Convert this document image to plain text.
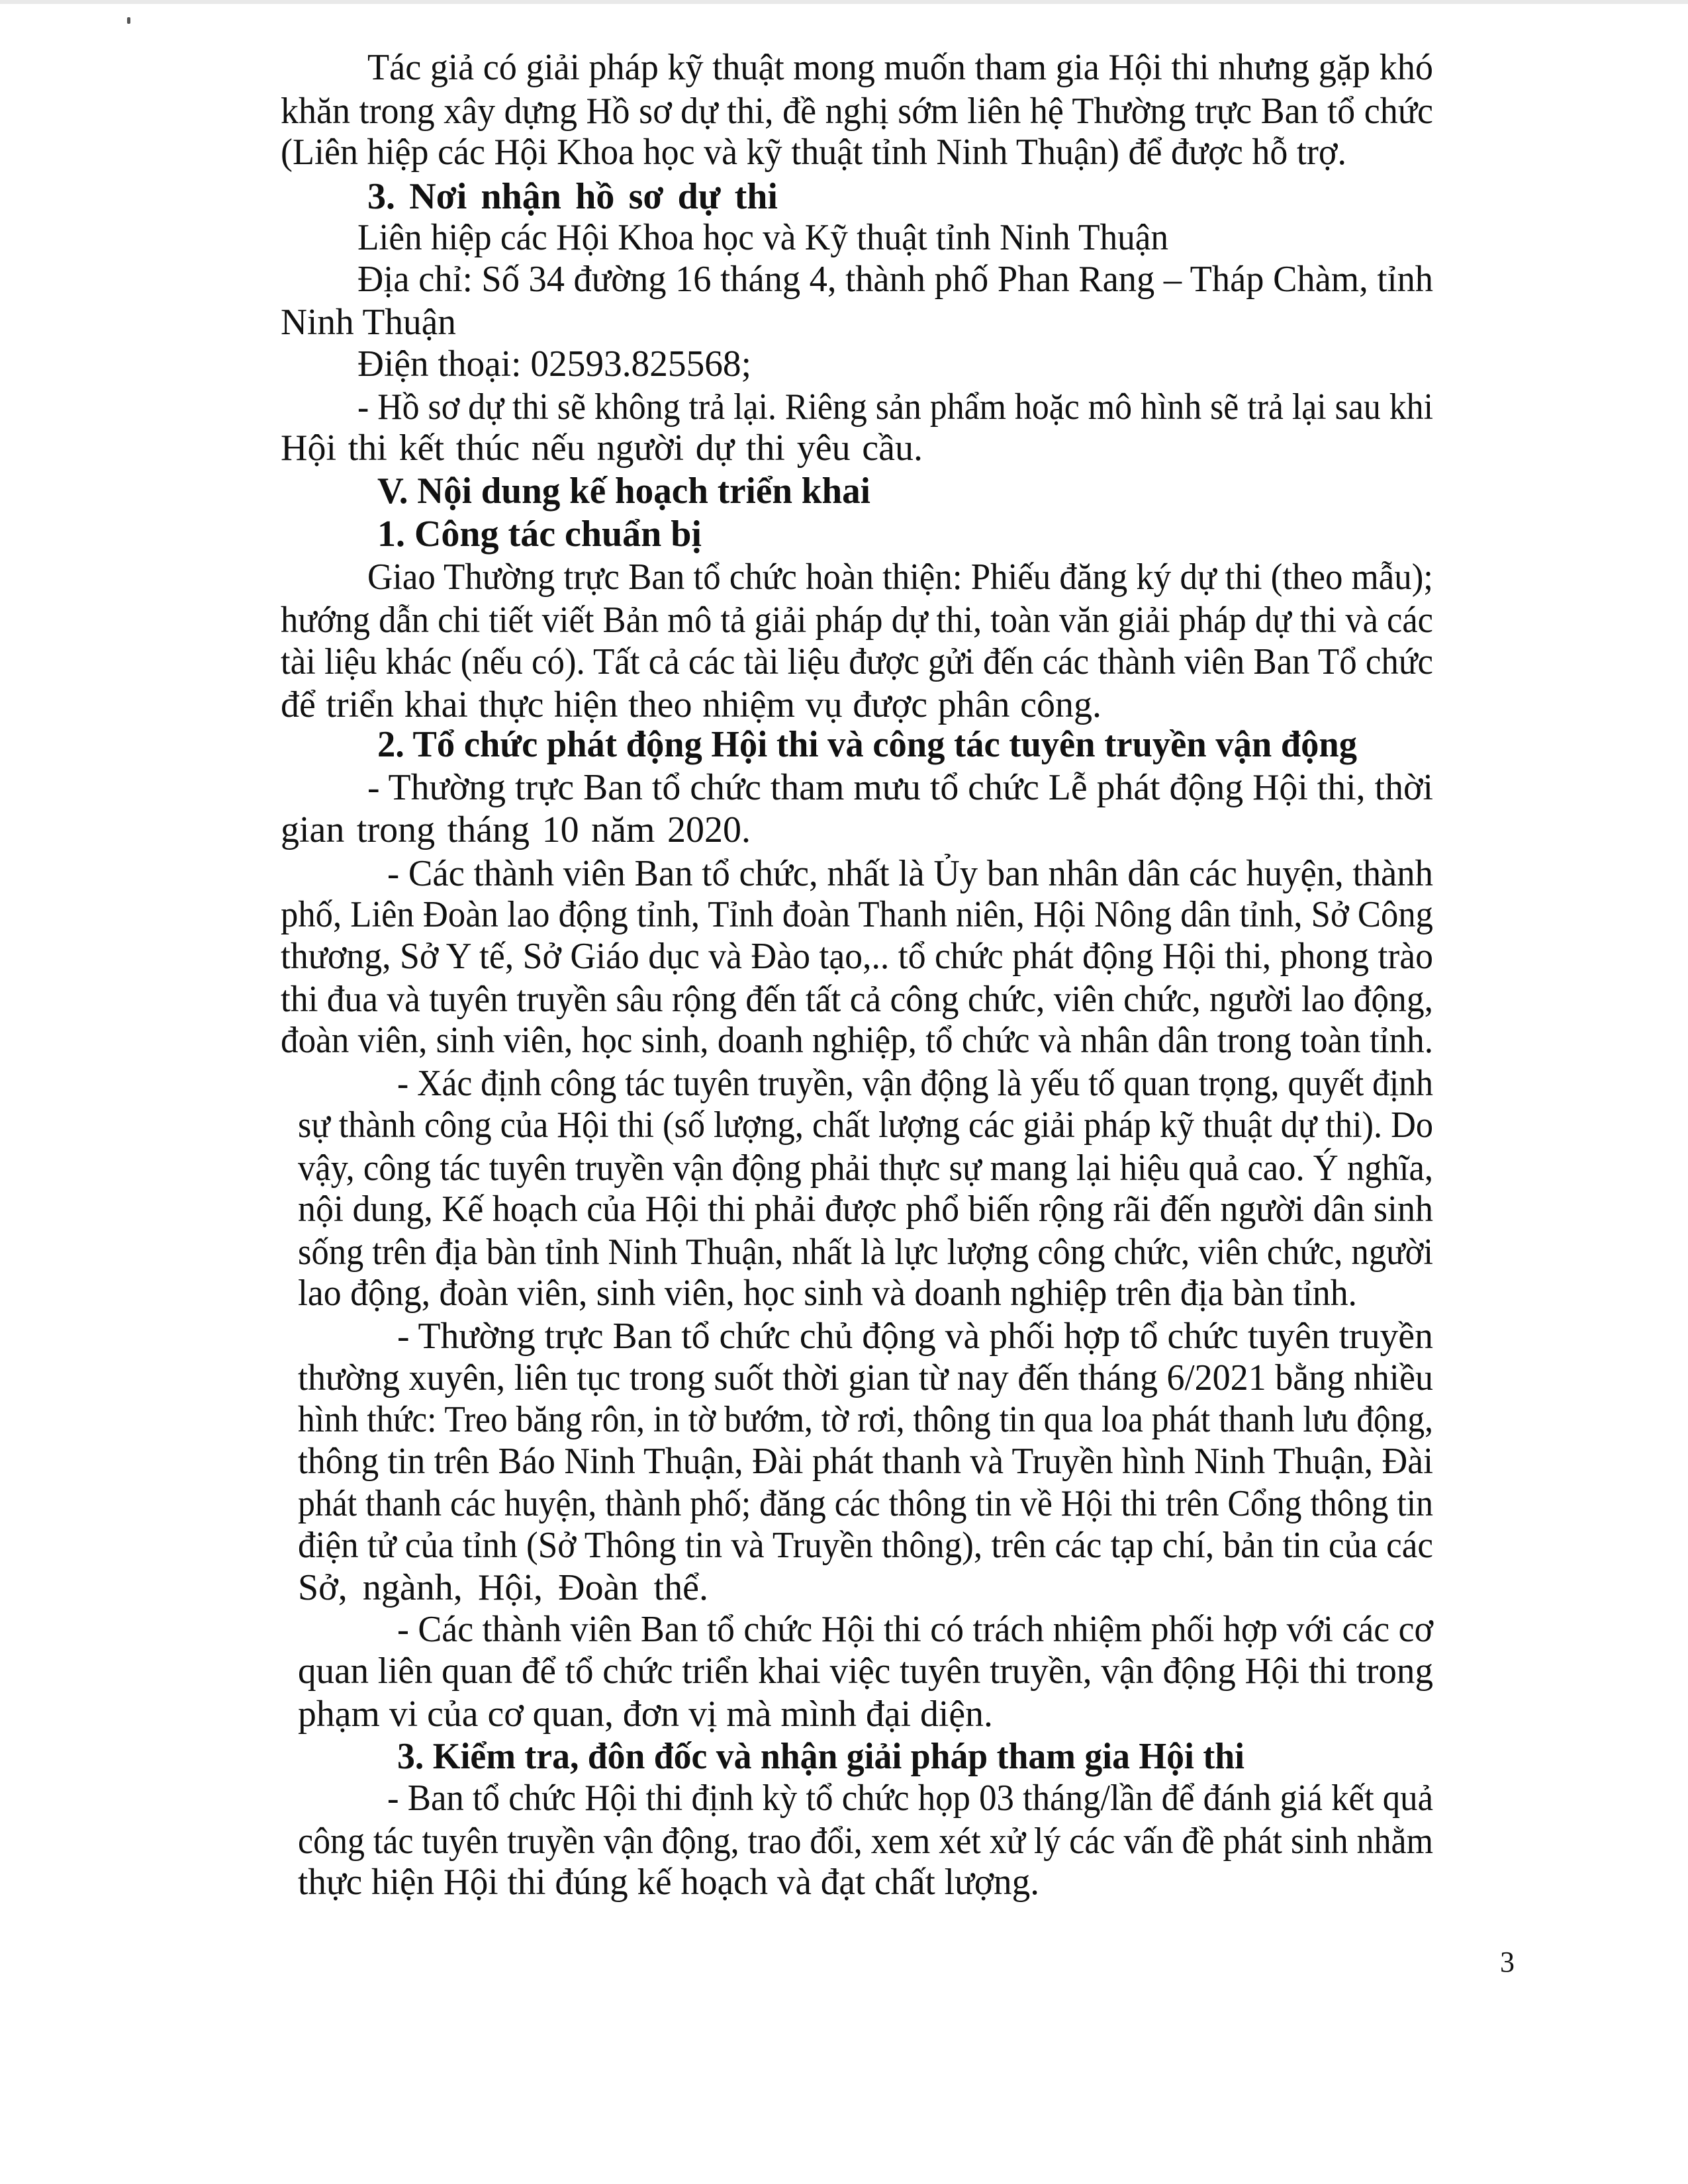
Tác giả có giải pháp kỹ thuật mong muốn tham gia Hội thi nhưng gặp khó
khăn trong xây dựng Hồ sơ dự thi, đề nghị sớm liên hệ Thường trực Ban tổ chức
(Liên hiệp các Hội Khoa học và kỹ thuật tỉnh Ninh Thuận) để được hỗ trợ.
3. Nơi nhận hồ sơ dự thi
Liên hiệp các Hội Khoa học và Kỹ thuật tỉnh Ninh Thuận
Địa chỉ: Số 34 đường 16 tháng 4, thành phố Phan Rang – Tháp Chàm, tỉnh
Ninh Thuận
Điện thoại: 02593.825568;
- Hồ sơ dự thi sẽ không trả lại. Riêng sản phẩm hoặc mô hình sẽ trả lại sau khi
Hội thi kết thúc nếu người dự thi yêu cầu.
V. Nội dung kế hoạch triển khai
1. Công tác chuẩn bị
Giao Thường trực Ban tổ chức hoàn thiện: Phiếu đăng ký dự thi (theo mẫu);
hướng dẫn chi tiết viết Bản mô tả giải pháp dự thi, toàn văn giải pháp dự thi và các
tài liệu khác (nếu có). Tất cả các tài liệu được gửi đến các thành viên Ban Tổ chức
để triển khai thực hiện theo nhiệm vụ được phân công.
2. Tổ chức phát động Hội thi và công tác tuyên truyền vận động
- Thường trực Ban tổ chức tham mưu tổ chức Lễ phát động Hội thi, thời
gian trong tháng 10 năm 2020.
- Các thành viên Ban tổ chức, nhất là Ủy ban nhân dân các huyện, thành
phố, Liên Đoàn lao động tỉnh, Tỉnh đoàn Thanh niên, Hội Nông dân tỉnh, Sở Công
thương, Sở Y tế, Sở Giáo dục và Đào tạo,.. tổ chức phát động Hội thi, phong trào
thi đua và tuyên truyền sâu rộng đến tất cả công chức, viên chức, người lao động,
đoàn viên, sinh viên, học sinh, doanh nghiệp, tổ chức và nhân dân trong toàn tỉnh.
- Xác định công tác tuyên truyền, vận động là yếu tố quan trọng, quyết định
sự thành công của Hội thi (số lượng, chất lượng các giải pháp kỹ thuật dự thi). Do
vậy, công tác tuyên truyền vận động phải thực sự mang lại hiệu quả cao. Ý nghĩa,
nội dung, Kế hoạch của Hội thi phải được phổ biến rộng rãi đến người dân sinh
sống trên địa bàn tỉnh Ninh Thuận, nhất là lực lượng công chức, viên chức, người
lao động, đoàn viên, sinh viên, học sinh và doanh nghiệp trên địa bàn tỉnh.
- Thường trực Ban tổ chức chủ động và phối hợp tổ chức tuyên truyền
thường xuyên, liên tục trong suốt thời gian từ nay đến tháng 6/2021 bằng nhiều
hình thức: Treo băng rôn, in tờ bướm, tờ rơi, thông tin qua loa phát thanh lưu động,
thông tin trên Báo Ninh Thuận, Đài phát thanh và Truyền hình Ninh Thuận, Đài
phát thanh các huyện, thành phố; đăng các thông tin về Hội thi trên Cổng thông tin
điện tử của tỉnh (Sở Thông tin và Truyền thông), trên các tạp chí, bản tin của các
Sở, ngành, Hội, Đoàn thể.
- Các thành viên Ban tổ chức Hội thi có trách nhiệm phối hợp với các cơ
quan liên quan để tổ chức triển khai việc tuyên truyền, vận động Hội thi trong
phạm vi của cơ quan, đơn vị mà mình đại diện.
3. Kiểm tra, đôn đốc và nhận giải pháp tham gia Hội thi
- Ban tổ chức Hội thi định kỳ tổ chức họp 03 tháng/lần để đánh giá kết quả
công tác tuyên truyền vận động, trao đổi, xem xét xử lý các vấn đề phát sinh nhằm
thực hiện Hội thi đúng kế hoạch và đạt chất lượng.
3
